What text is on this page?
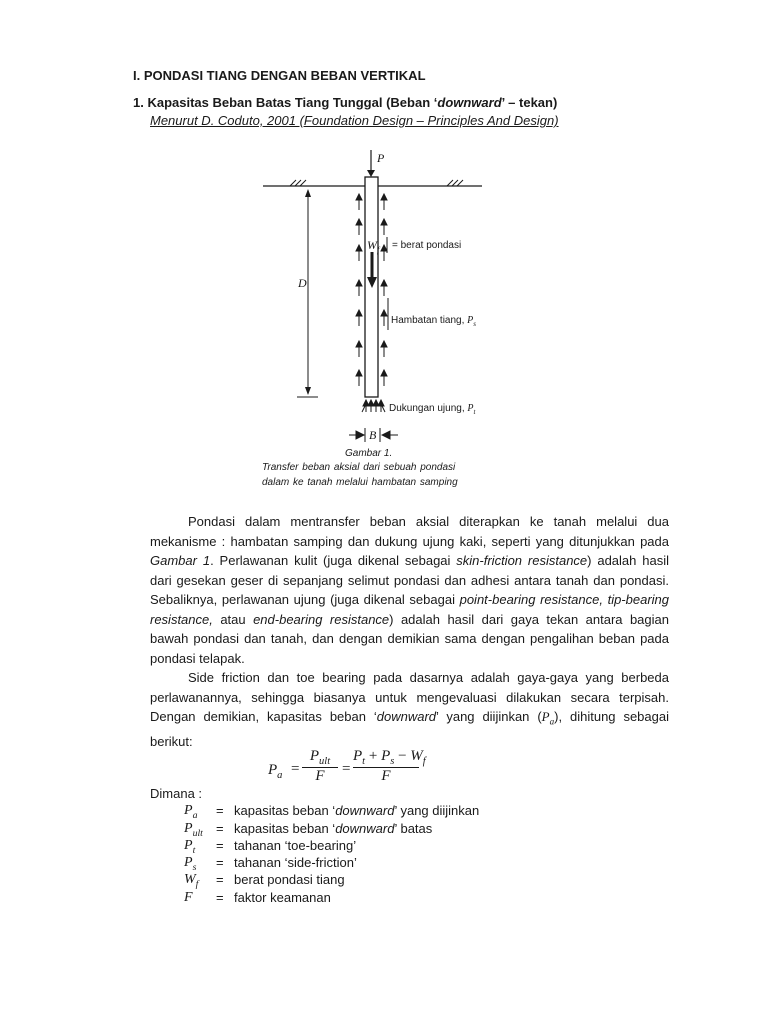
I. PONDASI TIANG DENGAN BEBAN VERTIKAL
1. Kapasitas Beban Batas Tiang Tunggal (Beban ‘downward’ – tekan)
Menurut D. Coduto, 2001 (Foundation Design – Principles And Design)
P
D
B
$W_f$ = berat pondasi
Hambatan tiang, $P_s$
Dukungan ujung, $P_t$
Gambar 1.
Transfer beban aksial dari sebuah pondasi
dalam ke tanah melalui hambatan samping

Pondasi dalam mentransfer beban aksial diterapkan ke tanah melalui dua mekanisme : hambatan samping dan dukung ujung kaki, seperti yang ditunjukkan pada Gambar 1. Perlawanan kulit (juga dikenal sebagai skin-friction resistance) adalah hasil dari gesekan geser di sepanjang selimut pondasi dan adhesi antara tanah dan pondasi. Sebaliknya, perlawanan ujung (juga dikenal sebagai point-bearing resistance, tip-bearing resistance, atau end-bearing resistance) adalah hasil dari gaya tekan antara bagian bawah pondasi dan tanah, dan dengan demikian sama dengan pengalihan beban pada pondasi telapak.

Side friction dan toe bearing pada dasarnya adalah gaya-gaya yang berbeda perlawanannya, sehingga biasanya untuk mengevaluasi dilakukan secara terpisah. Dengan demikian, kapasitas beban ‘downward’ yang diijinkan $(P_a)$, dihitung sebagai berikut:

$P_a$ =
$P_{ult}$
F	=
$P_t + P_s - W_f$
F
Dimana :
$P_a$ = kapasitas beban ‘downward’ yang diijinkan
$P_{ult}$ = kapasitas beban ‘downward’ batas
$P_t$ = tahanan ‘toe-bearing’
$P_s$ = tahanan ‘side-friction’
$W_f$ = berat pondasi tiang
F = faktor keamanan
